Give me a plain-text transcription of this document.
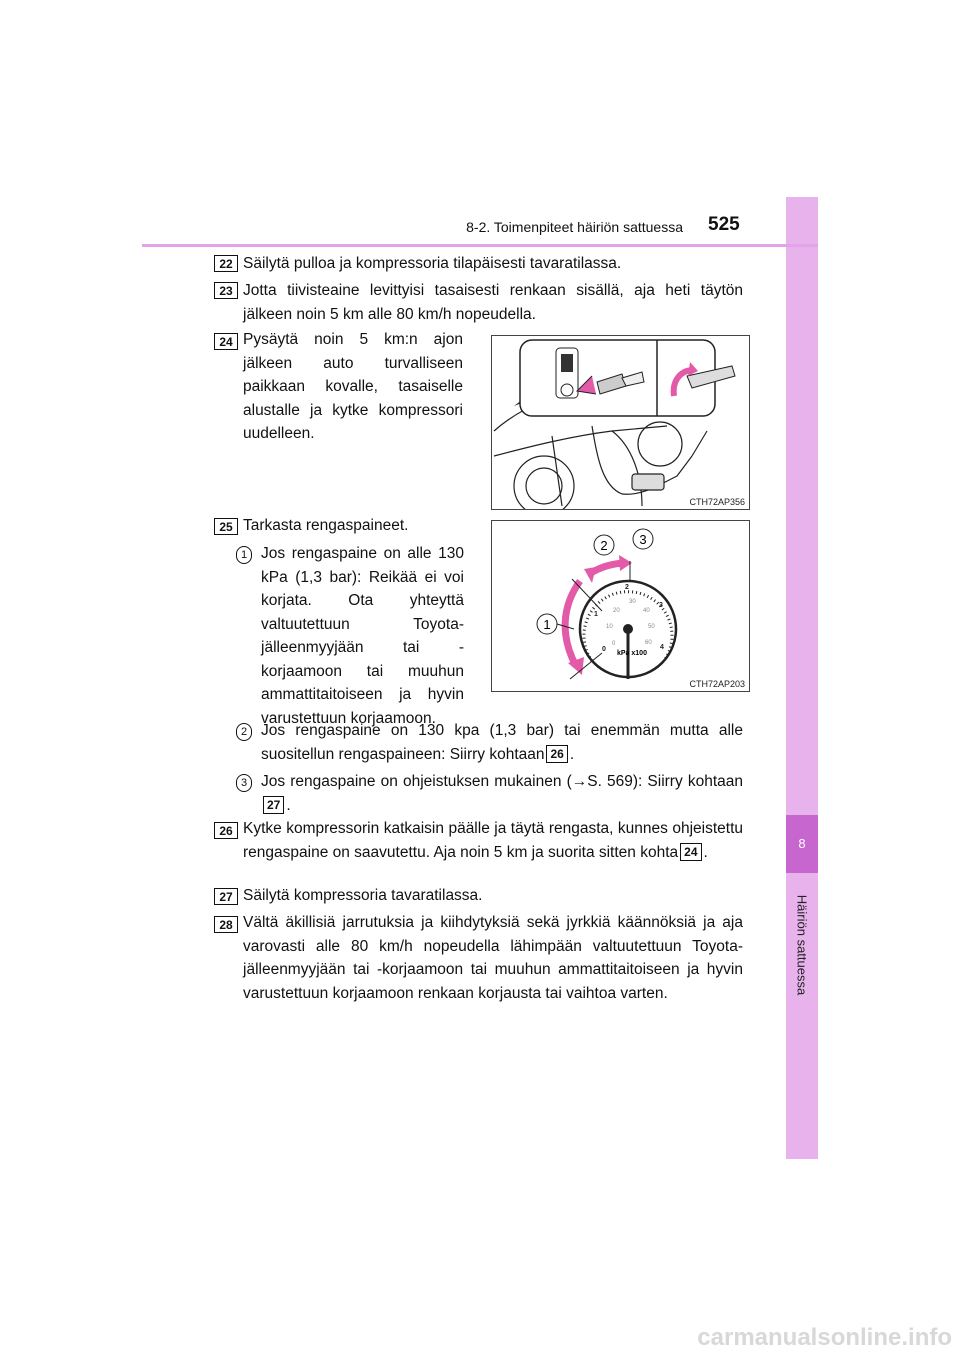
8
Häiriön sattuessa
8-2. Toimenpiteet häiriön sattuessa 525
22 Säilytä pulloa ja kompressoria tilapäisesti tavaratilassa.
23 Jotta tiivisteaine levittyisi tasaisesti renkaan sisällä, aja heti täytön jälkeen noin 5 km alle 80 km/h nopeudella.
24 Pysäytä noin 5 km:n ajon jälkeen auto turvalliseen paikkaan kovalle, tasaiselle alustalle ja kytke kompressori uudelleen.
CTH72AP356
25 Tarkasta rengaspaineet.
1 Jos rengaspaine on alle 130 kPa (1,3 bar): Reikää ei voi korjata. Ota yhteyttä valtuutettuun Toyota-jälleenmyyjään tai -korjaamoon tai muuhun ammattitaitoiseen ja hyvin varustettuun korjaamoon.
1
2 3
0
1
2
3
4
0
10
20
30
40
50
60
kPa x100
CTH72AP203
2 Jos rengaspaine on 130 kpa (1,3 bar) tai enemmän mutta alle suositellun rengaspaineen: Siirry kohtaan 26 .
3 Jos rengaspaine on ohjeistuksen mukainen (→S. 569): Siirry kohtaan27 .
26 Kytke kompressorin katkaisin päälle ja täytä rengasta, kunnes ohjeistettu rengaspaine on saavutettu. Aja noin 5 km ja suorita sitten kohta 24 .
27 Säilytä kompressoria tavaratilassa.
28 Vältä äkillisiä jarrutuksia ja kiihdytyksiä sekä jyrkkiä käännöksiä ja aja varovasti alle 80 km/h nopeudella lähimpään valtuutettuun Toyota-jälleenmyyjään tai -korjaamoon tai muuhun ammattitaitoiseen ja hyvin varustettuun korjaamoon renkaan korjausta tai vaihtoa varten.
carmanualsonline.info
